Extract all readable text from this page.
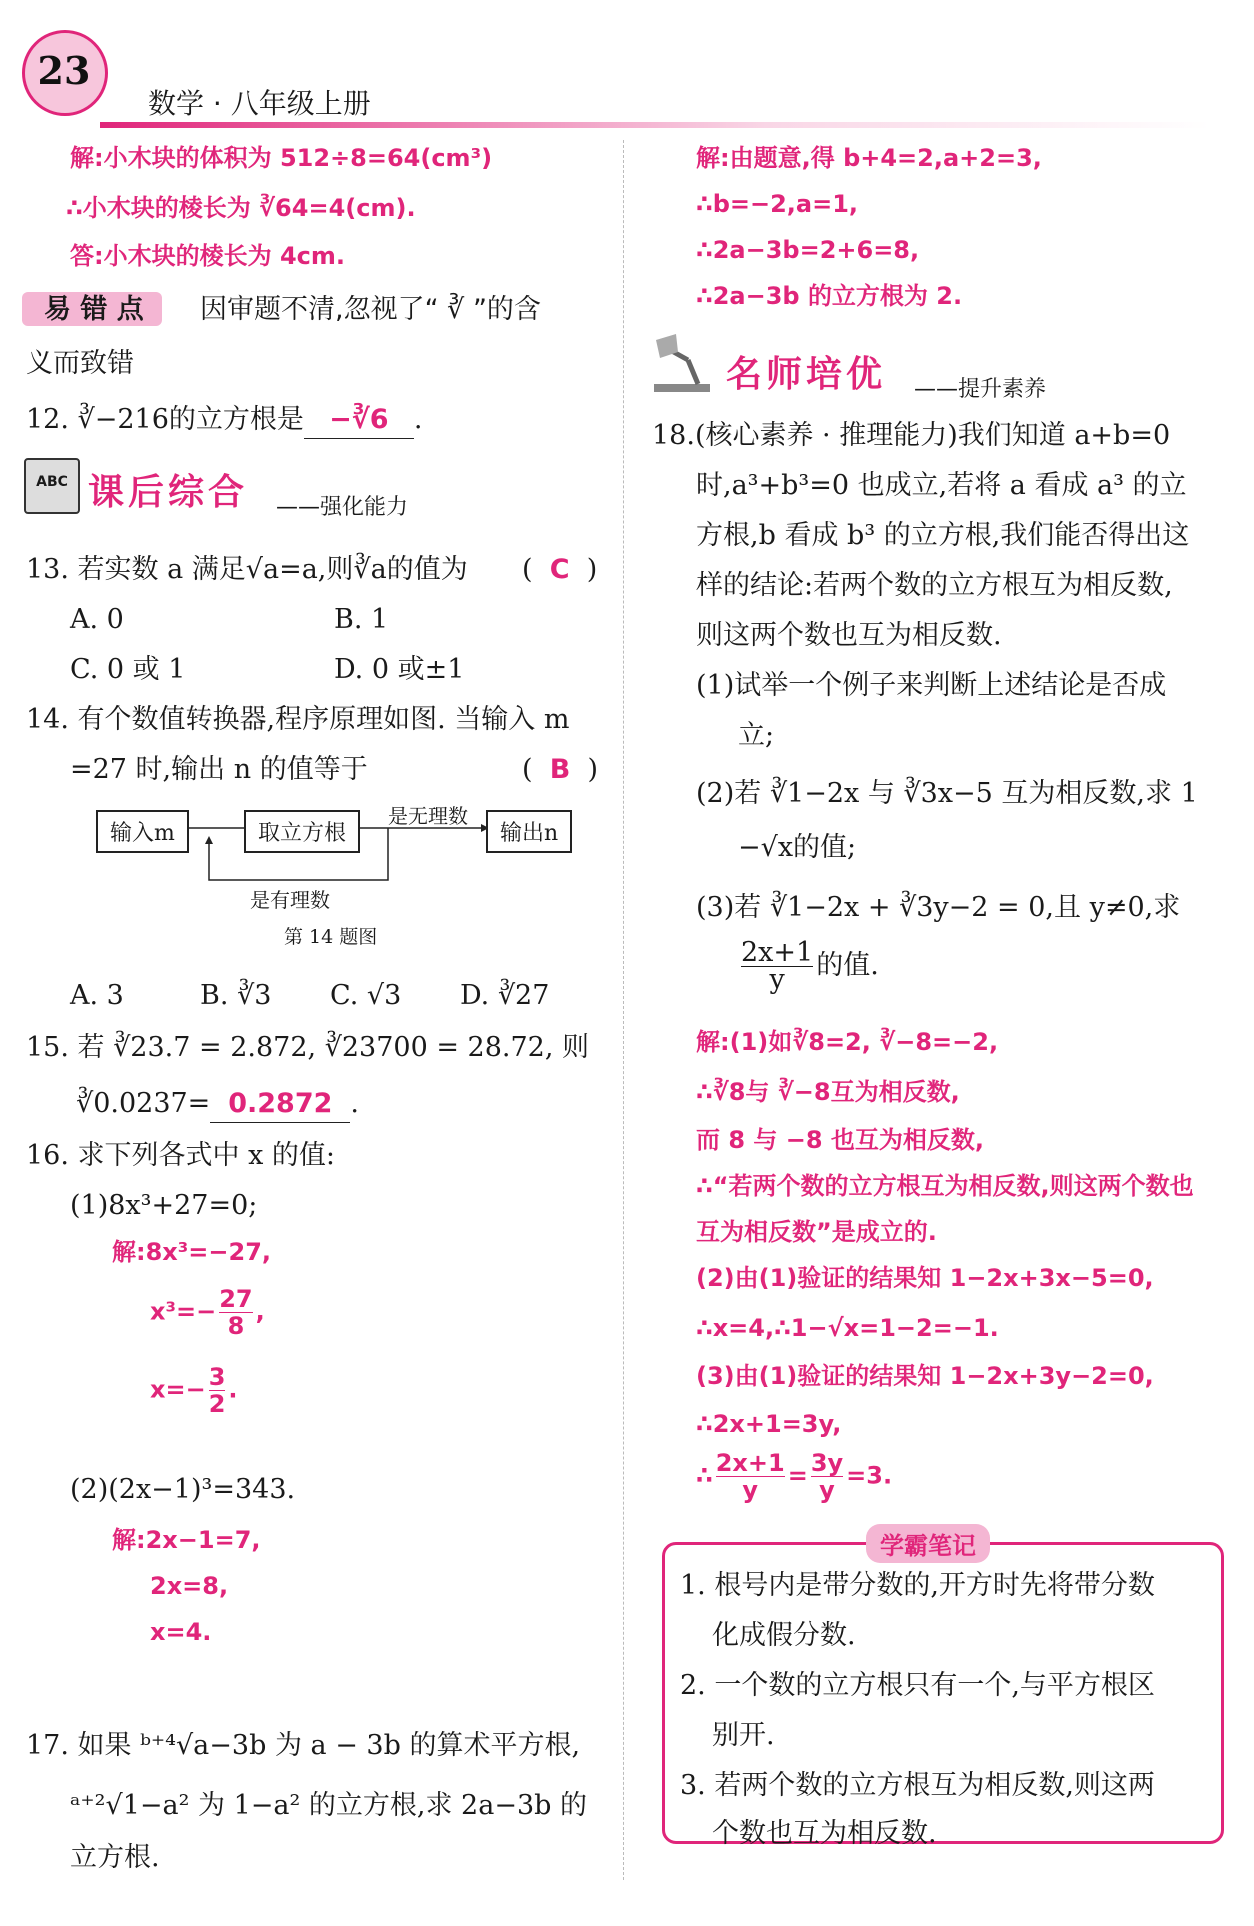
23
数学 · 八年级上册
解:小木块的体积为 512÷8=64(cm³)
∴小木块的棱长为 ∛64=4(cm).
答:小木块的棱长为 4cm.
易 错 点 因审题不清,忽视了“ ∛ ”的含
义而致错
12. ∛−216的立方根是 −∛6 .
ABC 课后综合 ——强化能力
13. 若实数 a 满足√a=a,则∛a的值为 (  C  )
A. 0	B. 1
C. 0 或 1	D. 0 或±1
14. 有个数值转换器,程序原理如图. 当输入 m
=27 时,输出 n 的值等于	(  B  )
输入m	取立方根
是无理数
输出n
是有理数
第 14 题图
A. 3	B. ∛3 C. √3 D. ∛27
15. 若 ∛23.7 = 2.872, ∛23700 = 28.72, 则
∛0.0237= 0.2872 .
16. 求下列各式中 x 的值:
(1)8x³+27=0;
解:8x³=−27,
$x^3=- \frac{27}{8}$ ,
$x=- \frac{3}{2}$ .
(2)(2x−1)³=343.
解:2x−1=7,
2x=8,
x=4.
17. 如果 ᵇ⁺⁴√a−3b 为 a − 3b 的算术平方根,
ᵃ⁺²√1−a² 为 1−a² 的立方根,求 2a−3b 的
立方根.
解:由题意,得 b+4=2,a+2=3,
∴b=−2,a=1,
∴2a−3b=2+6=8,
∴2a−3b 的立方根为 2.
名师培优 ——提升素养
18.(核心素养 · 推理能力)我们知道 a+b=0
时,a³+b³=0 也成立,若将 a 看成 a³ 的立
方根,b 看成 b³ 的立方根,我们能否得出这
样的结论:若两个数的立方根互为相反数,
则这两个数也互为相反数.
(1)试举一个例子来判断上述结论是否成
立;
(2)若 ∛1−2x 与 ∛3x−5 互为相反数,求 1
−√x的值;
(3)若 ∛1−2x + ∛3y−2 = 0,且 y≠0,求
$\frac{2x+1}{y}$ 的值.
解:(1)如∛8=2, ∛−8=−2,
∴∛8与 ∛−8互为相反数,
而 8 与 −8 也互为相反数,
∴“若两个数的立方根互为相反数,则这两个数也
互为相反数”是成立的.
(2)由(1)验证的结果知 1−2x+3x−5=0,
∴x=4,∴1−√x=1−2=−1.
(3)由(1)验证的结果知 1−2x+3y−2=0,
∴2x+1=3y,
∴ $\frac{2x+1}{y} = \frac{3y}{y} =3$.
学霸笔记
1. 根号内是带分数的,开方时先将带分数
化成假分数.
2. 一个数的立方根只有一个,与平方根区
别开.
3. 若两个数的立方根互为相反数,则这两
个数也互为相反数.
